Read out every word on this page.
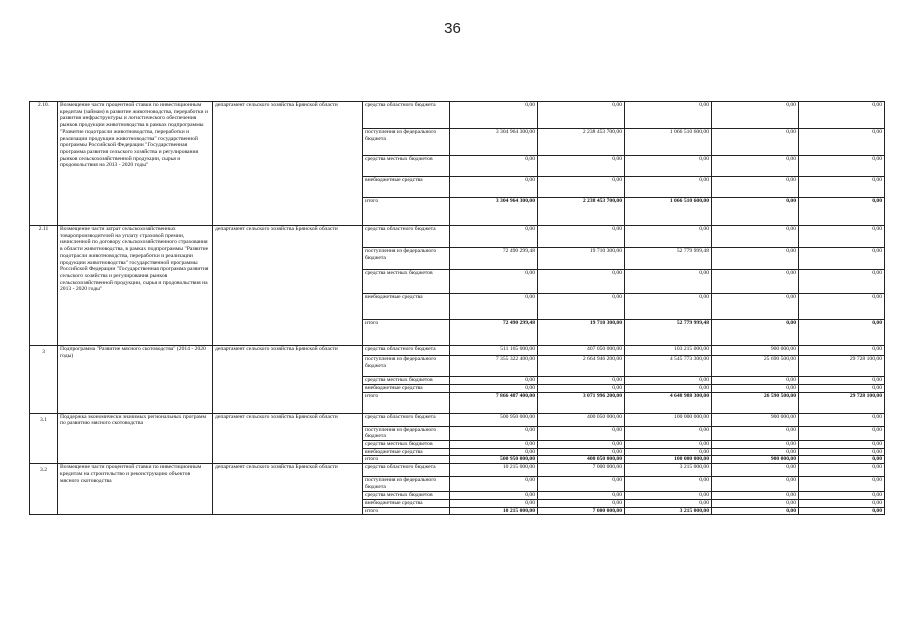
36
2.10.	Возмещение части процентной ставки по инвестиционным кредитам (займам) в развитие животноводства, переработки и развития инфраструктуры и логистического обеспечения рынков продукции животноводства в рамках подпрограммы "Развитие подотрасли животноводства, переработки и реализации продукции животноводства" государственной программы Российской Федерации "Государственная программа развития сельского хозяйства и регулирования рынков сельскохозяйственной продукции, сырья и продовольствия на 2013 - 2020 годы"	департамент сельского хозяйства Брянской области	средства областного бюджета	0,00	0,00	0,00	0,00	0,00	
			поступления из федерального бюджета	3 304 964 300,00	2 238 453 700,00	1 066 510 600,00	0,00	0,00	
			средства местных бюджетов	0,00	0,00	0,00	0,00	0,00	
			внебюджетные средства	0,00	0,00	0,00	0,00	0,00	
			итого	3 304 964 300,00	2 238 453 700,00	1 066 510 600,00	0,00	0,00	
2.11	Возмещение части затрат сельскохозяйственных товаропроизводителей на уплату страховой премии, начисленной по договору сельскохозяйственного страхования в области животноводства, в рамках подпрограммы "Развитие подотрасли животноводства, переработки и реализации продукции животноводства" государственной программы Российской Федерации "Государственная программа развития сельского хозяйства и регулирования рынков сельскохозяйственной продукции, сырья и продовольствия на 2013 - 2020 годы"	департамент сельского хозяйства Брянской области	средства областного бюджета	0,00	0,00	0,00	0,00	0,00	
			поступления из федерального бюджета	72 490 299,48	19 710 300,00	52 779 999,48	0,00	0,00	
			средства местных бюджетов	0,00	0,00	0,00	0,00	0,00	
			внебюджетные средства	0,00	0,00	0,00	0,00	0,00	
			итого	72 490 299,48	19 710 300,00	52 779 999,48	0,00	0,00	
3	Подпрограмма "Развитие мясного скотоводства" (2014 - 2020 годы)	департамент сельского хозяйства Брянской области	средства областного бюджета	511 165 000,00	407 050 000,00	103 215 000,00	900 000,00	0,00	
			поступления из федерального бюджета	7 355 322 400,00	2 664 946 200,00	4 545 773 300,00	25 690 500,00	29 728 100,00	
			средства местных бюджетов	0,00	0,00	0,00	0,00	0,00	
			внебюджетные средства	0,00	0,00	0,00	0,00	0,00	
			итого	7 866 487 400,00	3 071 996 200,00	4 648 988 300,00	26 590 500,00	29 728 100,00	
3.1	Поддержка экономически значимых региональных программ по развитию мясного скотоводства	департамент сельского хозяйства Брянской области	средства областного бюджета	500 950 000,00	400 050 000,00	100 000 000,00	900 000,00	0,00	
			поступления из федерального бюджета	0,00	0,00	0,00	0,00	0,00	
			средства местных бюджетов	0,00	0,00	0,00	0,00	0,00	
			внебюджетные средства	0,00	0,00	0,00	0,00	0,00	
			итого	500 950 000,00	400 050 000,00	100 000 000,00	900 000,00	0,00	
3.2	Возмещение части процентной ставки по инвестиционным кредитам на строительство и реконструкцию объектов мясного скотоводства	департамент сельского хозяйства Брянской области	средства областного бюджета	10 215 000,00	7 000 000,00	3 215 000,00	0,00	0,00	
			поступления из федерального бюджета	0,00	0,00	0,00	0,00	0,00	
			средства местных бюджетов	0,00	0,00	0,00	0,00	0,00	
			внебюджетные средства	0,00	0,00	0,00	0,00	0,00	
			итого	10 215 000,00	7 000 000,00	3 215 000,00	0,00	0,00	
